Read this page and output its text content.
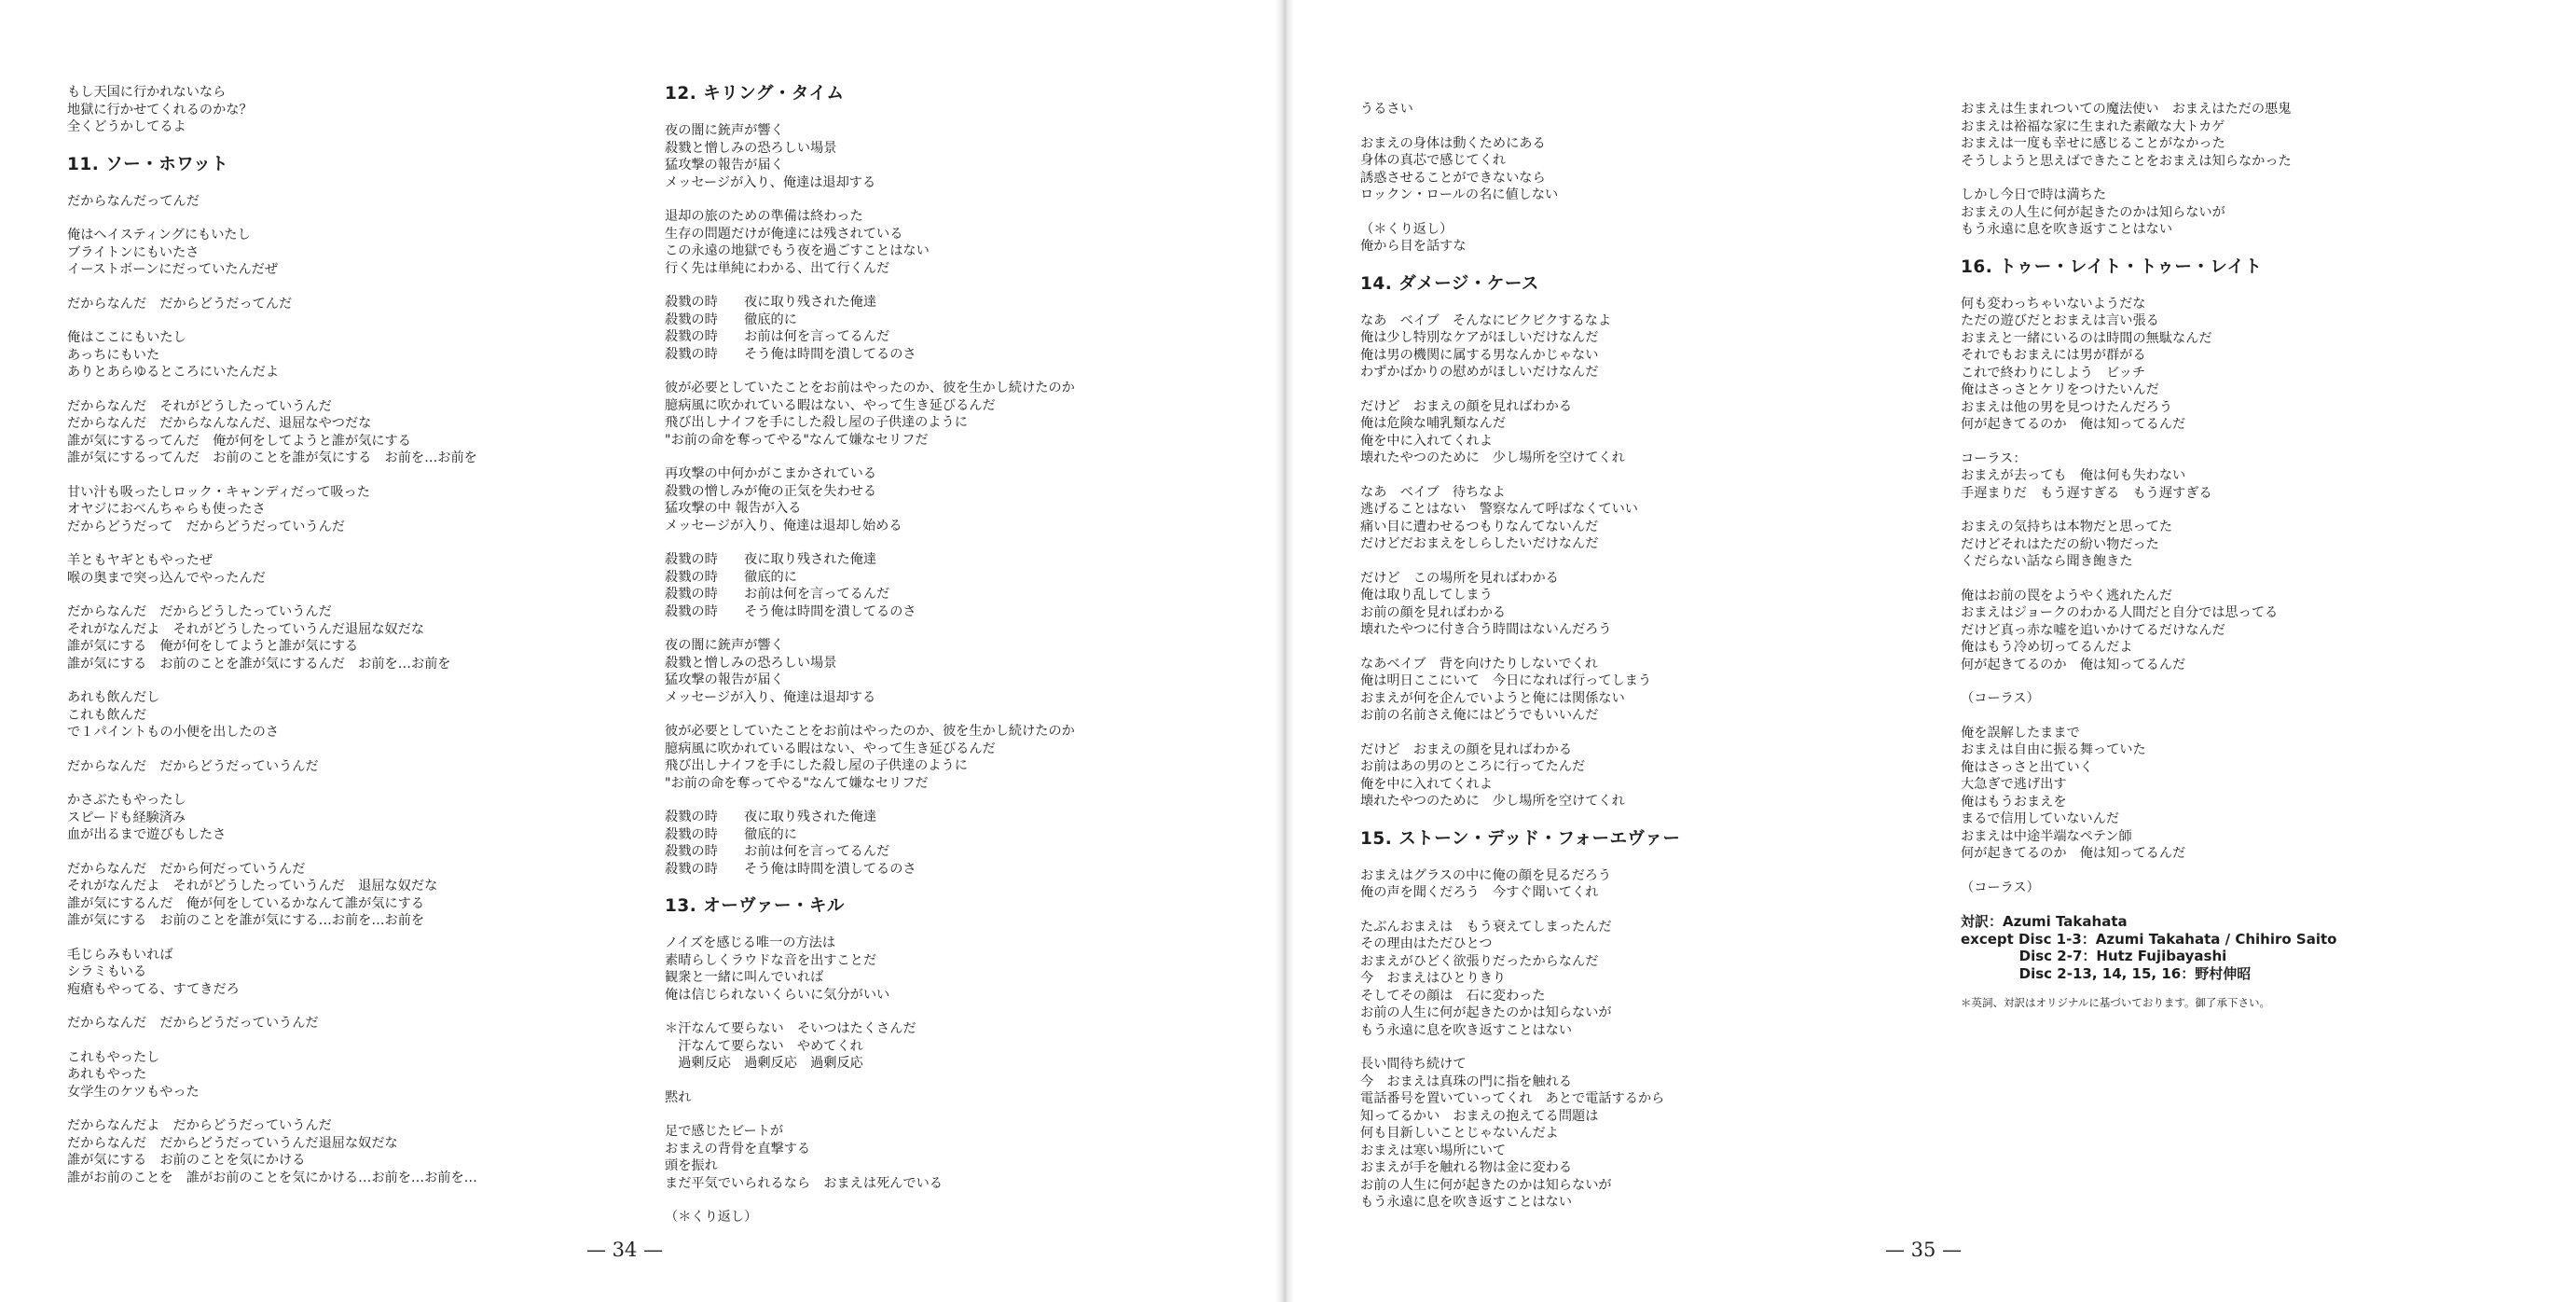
もし天国に行かれないなら
地獄に行かせてくれるのかな？
全くどうかしてるよ

11. ソー・ホワット

だからなんだってんだ

俺はヘイスティングにもいたし
ブライトンにもいたさ
イーストボーンにだっていたんだぜ

だからなんだ　だからどうだってんだ

俺はここにもいたし
あっちにもいた
ありとあらゆるところにいたんだよ

だからなんだ　それがどうしたっていうんだ
だからなんだ　だからなんなんだ、退屈なやつだな
誰が気にするってんだ　俺が何をしてようと誰が気にする
誰が気にするってんだ　お前のことを誰が気にする　お前を…お前を

甘い汁も吸ったしロック・キャンディだって吸った
オヤジにおべんちゃらも使ったさ
だからどうだって　だからどうだっていうんだ

羊ともヤギともやったぜ
喉の奥まで突っ込んでやったんだ

だからなんだ　だからどうしたっていうんだ
それがなんだよ　それがどうしたっていうんだ退屈な奴だな
誰が気にする　俺が何をしてようと誰が気にする
誰が気にする　お前のことを誰が気にするんだ　お前を…お前を

あれも飲んだし
これも飲んだ
で１パイントもの小便を出したのさ

だからなんだ　だからどうだっていうんだ

かさぶたもやったし
スピードも経験済み
血が出るまで遊びもしたさ

だからなんだ　だから何だっていうんだ
それがなんだよ　それがどうしたっていうんだ　退屈な奴だな
誰が気にするんだ　俺が何をしているかなんて誰が気にする
誰が気にする　お前のことを誰が気にする…お前を…お前を

毛じらみもいれば
シラミもいる
疱瘡もやってる、すてきだろ

だからなんだ　だからどうだっていうんだ

これもやったし
あれもやった
女学生のケツもやった

だからなんだよ　だからどうだっていうんだ
だからなんだ　だからどうだっていうんだ退屈な奴だな
誰が気にする　お前のことを気にかける
誰がお前のことを　誰がお前のことを気にかける…お前を…お前を…

12. キリング・タイム

夜の闇に銃声が響く
殺戮と憎しみの恐ろしい場景
猛攻撃の報告が届く
メッセージが入り、俺達は退却する

退却の旅のための準備は終わった
生存の問題だけが俺達には残されている
この永遠の地獄でもう夜を過ごすことはない
行く先は単純にわかる、出て行くんだ

殺戮の時　　夜に取り残された俺達
殺戮の時　　徹底的に
殺戮の時　　お前は何を言ってるんだ
殺戮の時　　そう俺は時間を潰してるのさ

彼が必要としていたことをお前はやったのか、彼を生かし続けたのか
臆病風に吹かれている暇はない、やって生き延びるんだ
飛び出しナイフを手にした殺し屋の子供達のように
"お前の命を奪ってやる"なんて嫌なセリフだ

再攻撃の中何かがこまかされている
殺戮の憎しみが俺の正気を失わせる
猛攻撃の中 報告が入る
メッセージが入り、俺達は退却し始める

殺戮の時　　夜に取り残された俺達
殺戮の時　　徹底的に
殺戮の時　　お前は何を言ってるんだ
殺戮の時　　そう俺は時間を潰してるのさ

夜の闇に銃声が響く
殺戮と憎しみの恐ろしい場景
猛攻撃の報告が届く
メッセージが入り、俺達は退却する

彼が必要としていたことをお前はやったのか、彼を生かし続けたのか
臆病風に吹かれている暇はない、やって生き延びるんだ
飛び出しナイフを手にした殺し屋の子供達のように
"お前の命を奪ってやる"なんて嫌なセリフだ

殺戮の時　　夜に取り残された俺達
殺戮の時　　徹底的に
殺戮の時　　お前は何を言ってるんだ
殺戮の時　　そう俺は時間を潰してるのさ

13. オーヴァー・キル

ノイズを感じる唯一の方法は
素晴らしくラウドな音を出すことだ
観衆と一緒に叫んでいれば
俺は信じられないくらいに気分がいい

＊汗なんて要らない　そいつはたくさんだ
　汗なんて要らない　やめてくれ
　過剰反応　過剰反応　過剰反応

黙れ

足で感じたビートが
おまえの背骨を直撃する
頭を振れ
まだ平気でいられるなら　おまえは死んでいる

（＊くり返し）

うるさい

おまえの身体は動くためにある
身体の真芯で感じてくれ
誘惑させることができないなら
ロックン・ロールの名に値しない

（＊くり返し）
俺から目を話すな

14. ダメージ・ケース

なあ　ベイブ　そんなにビクビクするなよ
俺は少し特別なケアがほしいだけなんだ
俺は男の機関に属する男なんかじゃない
わずかばかりの慰めがほしいだけなんだ

だけど　おまえの顔を見ればわかる
俺は危険な哺乳類なんだ
俺を中に入れてくれよ
壊れたやつのために　少し場所を空けてくれ

なあ　ベイブ　待ちなよ
逃げることはない　警察なんて呼ばなくていい
痛い目に遭わせるつもりなんてないんだ
だけどだおまえをしらしたいだけなんだ

だけど　この場所を見ればわかる
俺は取り乱してしまう
お前の顔を見ればわかる
壊れたやつに付き合う時間はないんだろう

なあベイブ　背を向けたりしないでくれ
俺は明日ここにいて　今日になれば行ってしまう
おまえが何を企んでいようと俺には関係ない
お前の名前さえ俺にはどうでもいいんだ

だけど　おまえの顔を見ればわかる
お前はあの男のところに行ってたんだ
俺を中に入れてくれよ
壊れたやつのために　少し場所を空けてくれ

15. ストーン・デッド・フォーエヴァー

おまえはグラスの中に俺の顔を見るだろう
俺の声を聞くだろう　今すぐ聞いてくれ

たぶんおまえは　もう衰えてしまったんだ
その理由はただひとつ
おまえがひどく欲張りだったからなんだ
今　おまえはひとりきり
そしてその顔は　石に変わった
お前の人生に何が起きたのかは知らないが
もう永遠に息を吹き返すことはない

長い間待ち続けて
今　おまえは真珠の門に指を触れる
電話番号を置いていってくれ　あとで電話するから
知ってるかい　おまえの抱えてる問題は
何も目新しいことじゃないんだよ
おまえは寒い場所にいて
おまえが手を触れる物は金に変わる
お前の人生に何が起きたのかは知らないが
もう永遠に息を吹き返すことはない

おまえは生まれついての魔法使い　おまえはただの悪鬼
おまえは裕福な家に生まれた素敵な大トカゲ
おまえは一度も幸せに感じることがなかった
そうしようと思えばできたことをおまえは知らなかった

しかし今日で時は満ちた
おまえの人生に何が起きたのかは知らないが
もう永遠に息を吹き返すことはない

16. トゥー・レイト・トゥー・レイト

何も変わっちゃいないようだな
ただの遊びだとおまえは言い張る
おまえと一緒にいるのは時間の無駄なんだ
それでもおまえには男が群がる
これで終わりにしよう　ビッチ
俺はさっさとケリをつけたいんだ
おまえは他の男を見つけたんだろう
何が起きてるのか　俺は知ってるんだ

コーラス：
おまえが去っても　俺は何も失わない
手遅まりだ　もう遅すぎる　もう遅すぎる

おまえの気持ちは本物だと思ってた
だけどそれはただの紛い物だった
くだらない話なら聞き飽きた

俺はお前の罠をようやく逃れたんだ
おまえはジョークのわかる人間だと自分では思ってる
だけど真っ赤な嘘を追いかけてるだけなんだ
俺はもう冷め切ってるんだよ
何が起きてるのか　俺は知ってるんだ

（コーラス）

俺を誤解したままで
おまえは自由に振る舞っていた
俺はさっさと出ていく
大急ぎで逃げ出す
俺はもうおまえを
まるで信用していないんだ
おまえは中途半端なペテン師
何が起きてるのか　俺は知ってるんだ

（コーラス）

対訳：Azumi Takahata
except Disc 1-3：Azumi Takahata / Chihiro Saito
Disc 2-7：Hutz Fujibayashi
Disc 2-13, 14, 15, 16：野村伸昭
＊英詞、対訳はオリジナルに基づいております。御了承下さい。
— 34 —	— 35 —
